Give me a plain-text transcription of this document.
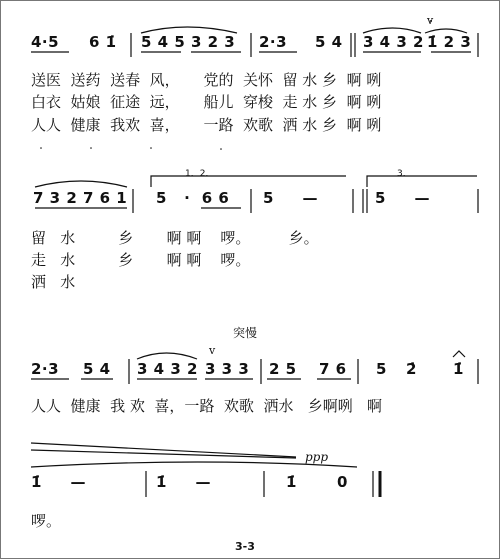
4·5 6 1̇ 5 4 5 3 2 3 2·3 5 4 3 4 3 2 1̇ 2 3
v
送医  送药  送春  风，     党的  关怀  留 水 乡  啊 咧
白衣  姑娘  征途  远，     船儿  穿梭  走 水 乡  啊 咧
人人  健康  我欢  喜，     一路  欢歌  洒 水 乡  啊 咧
7 3 2 7 6 1 5   ·  6 6 5     —	5     —
1．2．	3．
留   水         乡       啊 啊    啰。        乡。
走   水         乡       啊 啊    啰。
洒   水
突慢
2·3 5 4 3 4 3 2 3 3 3 2 5 7 6 5 2̇ 1̇
v
人人  健康  我 欢  喜，一路  欢歌  洒水   乡啊咧   啊
ppp
1̇     —	1̇     —	1̇       0
啰。
3-3
